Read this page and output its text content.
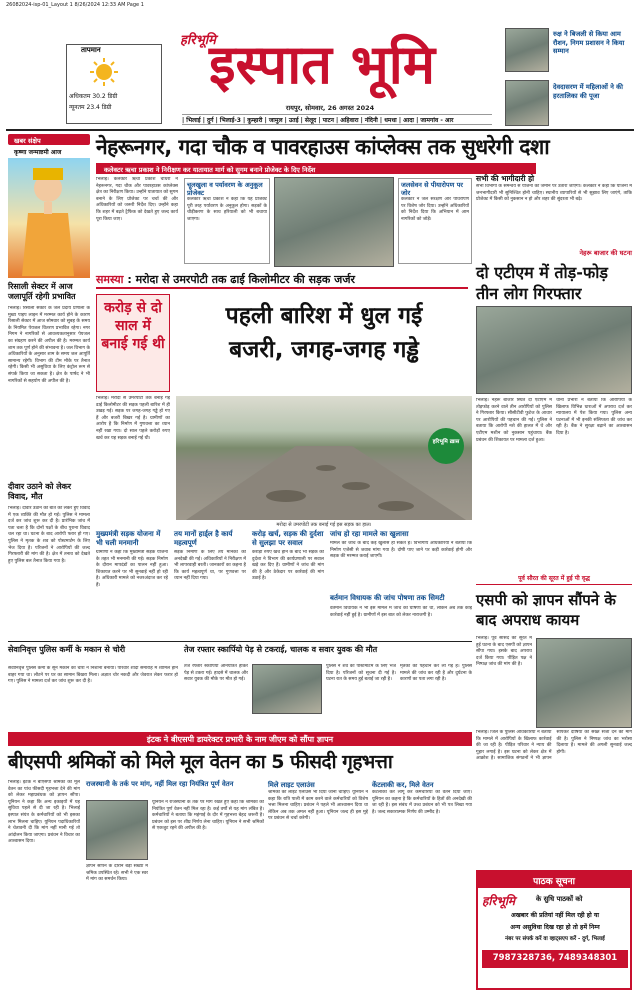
26082024-isp-01_Layout 1 8/26/2024 12:33 AM Page 1
तापमान
अधिकतम 30.2 डिग्री
न्यूनतम 23.4 डिग्री
हरिभूमि
इस्पात भूमि
रायपुर, सोमवार, 26 अगस्त 2024
| भिलाई | दुर्ग | भिलाई-3 | कुम्हारी | जामुल | उतई | सेलूद | पाटन | अहिवारा | नंदिनी | धमधा | आदा | जामगांव - आर
रुक्ष ने बिजली से किया आम रौशन, निगम प्रशासन ने किया सम्मान
देवदासरण में महिलाओं ने की हरतालिका की पूजा
खबर संक्षेप
कृष्णा जन्माष्टमी आज
रिसाली सेक्टर में आज जलापूर्ति रहेगी प्रभावित
भिलाई। रिसाली सेक्टर के जल प्रदाय प्रणाली के मुख्य पाइप लाइन में मरम्मत कार्य होने के कारण रिसाली सेक्टर में आज सोमवार को सुबह के समय के नियमित पेयजल वितरण प्रभावित रहेगा। नगर निगम ने नागरिकों से आवश्यकतानुसार पेयजल का संग्रहण करने की अपील की है। मरम्मत कार्य शाम तक पूर्ण होने की संभावना है। जल विभाग के अधिकारियों के अनुसार शाम के समय जल आपूर्ति सामान्य रहेगी। विभाग की टीम मौके पर तैनात रहेगी। किसी भी असुविधा के लिए कंट्रोल रूम से संपर्क किया जा सकता है। क्षेत्र के पार्षद ने भी नागरिकों से सहयोग की अपील की है।
दीवार उठाने को लेकर विवाद, मौत
भिलाई। दीवार उठाने की बात को लेकर हुए विवाद में एक व्यक्ति की मौत हो गई। पुलिस ने मामला दर्ज कर जांच शुरू कर दी है। प्रारंभिक जांच में पता चला है कि दोनों पक्षों के बीच पुराना विवाद चल रहा था। घटना के बाद आरोपी फरार हो गए। पुलिस ने मृतक के शव को पोस्टमार्टम के लिए भेज दिया है। परिजनों ने आरोपियों की जल्द गिरफ्तारी की मांग की है। क्षेत्र में तनाव को देखते हुए पुलिस बल तैनात किया गया है।
नेहरूनगर, गदा चौक व पावरहाउस कांप्लेक्स तक सुधरेगी दशा
कलेक्टर ऋचा प्रकाश ने निरीक्षण कर यातायात मार्ग को सुगम बनाने प्रोजेक्ट के दिए निर्देश
भिलाई। कलेक्टर ऋचा प्रकाश चौधरी ने नेहरूनगर, गदा चौक और पावरहाउस कांप्लेक्स क्षेत्र का निरीक्षण किया। उन्होंने यातायात को सुगम बनाने के लिए प्रोजेक्ट पर चर्चा की और अधिकारियों को जरूरी निर्देश दिए। उन्होंने कहा कि शहर में बढ़ते ट्रैफिक को देखते हुए जल्द कार्य पूरा किया जाए।
चूलखुला व पर्यावरण के अनुकूल प्रोजेक्ट
कलेक्टर ऋचा प्रकाश ने कहा कि यह प्रोजेक्ट पूरी तरह पर्यावरण के अनुकूल होगा। सड़कों के चौड़ीकरण के साथ हरियाली को भी बचाया जाएगा।
जलसेवन से पीयारोपण पर जोर
कलेक्टर ने जल संरक्षण और पौधरोपण पर विशेष जोर दिया। उन्होंने अधिकारियों को निर्देश दिया कि अभियान में आम नागरिकों को जोड़ें।
सभी की भागीदारी हो
सभी विभागों के समन्वय से योजना को जमीन पर उतारा जाएगा। कलेक्टर ने कहा कि योजना में जनभागीदारी भी सुनिश्चित होनी चाहिए। स्थानीय व्यापारियों से भी सुझाव लिए जाएंगे, ताकि प्रोजेक्ट में किसी को नुकसान न हो और शहर की सुंदरता भी बढ़े।
नेहरू बाजार की घटना
दो एटीएम में तोड़-फोड़ तीन लोग गिरफ्तार
भिलाई। नेहरू बाजार स्थित दो एटीएम में तोड़फोड़ करने वाले तीन आरोपियों को पुलिस ने गिरफ्तार किया। सीसीटीवी फुटेज के आधार पर आरोपियों की पहचान की गई। पुलिस ने बताया कि आरोपी नशे की हालत में थे और एटीएम मशीन को नुकसान पहुंचाया। बैंक प्रबंधन की शिकायत पर मामला दर्ज हुआ।
थाना प्रभारी ने बताया कि आरोपियों के खिलाफ विभिन्न धाराओं में अपराध दर्ज कर न्यायालय में पेश किया गया। पुलिस अन्य घटनाओं में भी इनकी संलिप्तता की जांच कर रही है। बैंक ने सुरक्षा बढ़ाने का आश्वासन दिया है।
समस्या : मरोदा से उमरपोटी तक ढाई किलोमीटर की सड़क जर्जर
करोड़ से दो साल में बनाई गई थी
पहली बारिश में धुल गई
बजरी, जगह-जगह गड्ढे
भिलाई। मरोदा से उमरपोटी तक बनाई गई ढाई किलोमीटर की सड़क पहली बारिश में ही उखड़ गई। सड़क पर जगह-जगह गड्ढे हो गए हैं और बजरी बिखर गई है। ग्रामीणों का आरोप है कि निर्माण में गुणवत्ता का ध्यान नहीं रखा गया। दो साल पहले करोड़ों रुपए खर्च कर यह सड़क बनाई गई थी।
हरिभूमि ख़ास
मरोदा से उमरपोटी तक बनाई गई इस सड़क का हाल।
मुख्यमंत्री सड़क योजना में भी चली मनमानी
ग्रामीणों ने कहा कि मुख्यमंत्री सड़क योजना के तहत भी मनमानी की गई। सड़क निर्माण के दौरान मापदंडों का पालन नहीं हुआ। शिकायत करने पर भी सुनवाई नहीं हो रही है। अधिकारी मामले को नजरअंदाज कर रहे हैं।
तय मानों हार्ड्ल है कार्य महत्वपूर्ण
सड़क निर्माण के लिए तय मानकों की अनदेखी की गई। अधिकारियों ने निरीक्षण में भी लापरवाही बरती। जानकारों का कहना है कि कार्य महत्वपूर्ण था, पर गुणवत्ता पर ध्यान नहीं दिया गया।
करोड़ खर्च, सड़क की दुर्दशा से सुलझा पर सवाल
करोड़ों रुपए खर्च होने के बाद भी सड़क की दुर्दशा ने विभाग की कार्यप्रणाली पर सवाल खड़े कर दिए हैं। ग्रामीणों ने जांच की मांग की है और ठेकेदार पर कार्रवाई की मांग उठाई है।
जांच हो रहा मामले का खुलासा
मामले की जांच के बाद कई खुलासे हो सकते हैं। विभागीय अधिकारियों ने बताया कि निर्माण एजेंसी से जवाब मांगा गया है। दोषी पाए जाने पर कड़ी कार्रवाई होगी और सड़क की मरम्मत कराई जाएगी।
बर्तमान विधायक की जांच पोषणा तक सिमटी
वर्तमान विधायक ने भी इस मामले में जांच की घोषणा की थी, लेकिन अब तक कोई कार्रवाई नहीं हुई है। ग्रामीणों में इस बात को लेकर नाराजगी है।
पूर्व सौरत की सूरत में हुई पी वृद्ध
एसपी को ज्ञापन सौंपने के बाद अपराध कायम
भिलाई। पूर्व सांसद की सूरत में हुई घटना के बाद एसपी को ज्ञापन सौंपा गया। इसके बाद अपराध दर्ज किया गया। पीड़ित पक्ष ने निष्पक्ष जांच की मांग की है।
सेवानिवृत्त पुलिस कर्मी के मकान से चोरी
सेवानिवृत्त पुलिस कर्मी के सूने मकान को चोरों ने निशाना बनाया। परिवार शादी समारोह में शामिल होने बाहर गया था। लौटने पर घर का सामान बिखरा मिला। अज्ञात चोर नकदी और जेवरात लेकर फरार हो गए। पुलिस ने मामला दर्ज कर जांच शुरू कर दी है।
तेज रफ्तार स्कार्पियो पेड़ से टकराई, चालक व सवार युवक की मौत
तेज रफ्तार स्कार्पियो अनियंत्रित होकर पेड़ से टकरा गई। हादसे में चालक और सवार युवक की मौके पर मौत हो गई।
पुलिस ने शव को पोस्टमार्टम के लिए भेज दिया है। परिजनों को सूचना दी गई है। घटना रात के समय हुई बताई जा रही है।
मृतकों की पहचान कर ली गई है। पुलिस मामले की जांच कर रही है और दुर्घटना के कारणों का पता लगा रही है।
इंटक ने बीएसपी डायरेक्टर प्रभारी के नाम जीएम को सौंपा ज्ञापन
बीएसपी श्रमिकों को मिले मूल वेतन का 5 फीसदी गृहभत्ता
भिलाई। इंटक ने बीएसपी श्रमिकों को मूल वेतन का पांच फीसदी गृहभत्ता देने की मांग को लेकर महाप्रबंधक को ज्ञापन सौंपा। यूनियन ने कहा कि अन्य इकाइयों में यह सुविधा पहले से दी जा रही है। भिलाई इस्पात संयंत्र के कर्मचारियों को भी इसका लाभ मिलना चाहिए। यूनियन पदाधिकारियों ने चेतावनी दी कि मांग नहीं मानी गई तो आंदोलन किया जाएगा। प्रबंधन ने विचार का आश्वासन दिया।
राजस्थानी के तर्क पर मांग, नहीं मिल रहा नियंत्रित पूर्ण वेतन
यूनियन ने राजस्थानी के तर्क पर मांग रखते हुए कहा कि श्रमिकों को नियंत्रित पूर्ण वेतन नहीं मिल रहा है। कई वर्षों से यह मांग लंबित है। कर्मचारियों ने बताया कि महंगाई के दौर में गृहभत्ता बेहद जरूरी है। प्रबंधन को इस पर शीघ्र निर्णय लेना चाहिए। यूनियन ने सभी श्रमिकों से एकजुट रहने की अपील की है।
ज्ञापन सौंपने के दौरान बड़ी संख्या में श्रमिक उपस्थित रहे। सभी ने एक स्वर में मांग का समर्थन किया।
मिले लाइट एलाउंस
श्रमिकों को लाइट एलाउंस भी दिया जाना चाहिए। यूनियन ने कहा कि रात्रि पाली में काम करने वाले कर्मचारियों को विशेष भत्ता मिलना चाहिए। प्रबंधन ने पहले भी आश्वासन दिया था लेकिन अब तक अमल नहीं हुआ। यूनियन जल्द ही इस मुद्दे पर प्रबंधन से चर्चा करेगी।
केंटलाकी कर, मिले वेतन
केंटलाकी कर लागू कर कर्मचारियों को वेतन दिया जाए। यूनियन का कहना है कि कर्मचारियों के हितों की अनदेखी की जा रही है। इस संबंध में उच्च प्रबंधन को भी पत्र लिखा गया है। जल्द सकारात्मक निर्णय की उम्मीद है।
भिलाई। जिले के पुलिस अधिकारियों ने बताया कि मामले में आरोपियों के खिलाफ कार्रवाई की जा रही है। पीड़ित परिवार ने न्याय की गुहार लगाई है। इस घटना को लेकर क्षेत्र में आक्रोश है। सामाजिक संगठनों ने भी ज्ञापन सौंपकर दोषियों को सख्त सजा देने की मांग की है। पुलिस ने निष्पक्ष जांच का भरोसा दिलाया है। मामले की अगली सुनवाई जल्द होगी।
पाठक सूचना
हरिभूमि	के सुधि पाठकों को
अखबार की प्रतियां नहीं मिल रही हो या
अन्य असुविधा दिख रहा हो तो हमें निम्न
नंबर पर संपर्क करें वा व्हाट्सएप करें - दुर्ग, भिलाई
7987328736, 7489348301
